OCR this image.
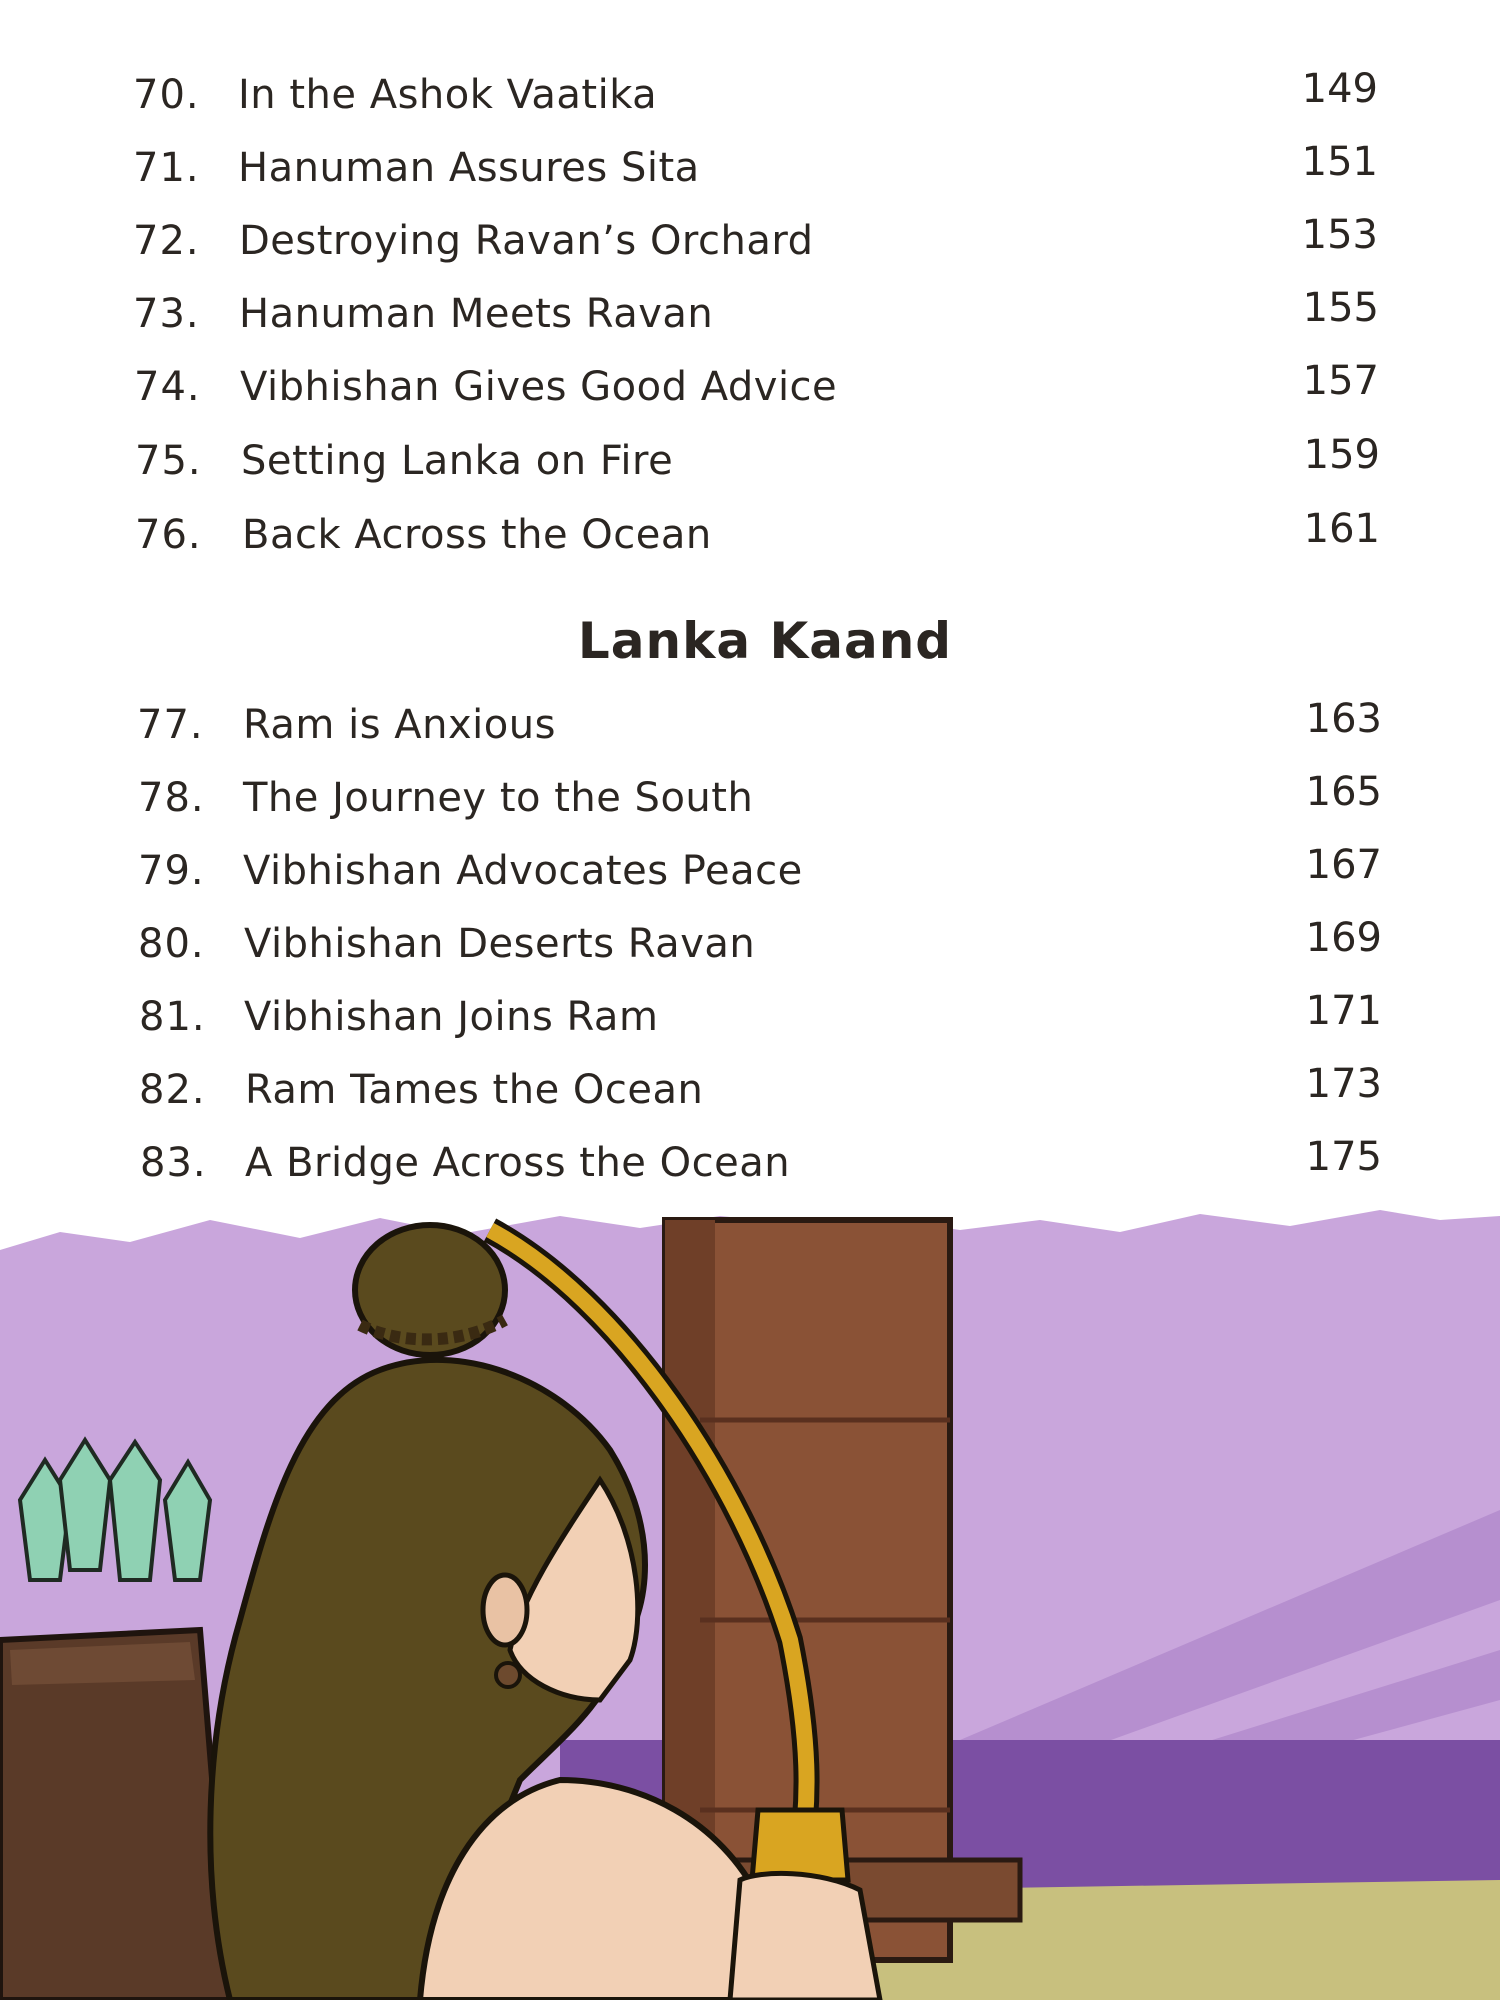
70. In the Ashok Vaatika	149
71. Hanuman Assures Sita	151
72. Destroying Ravan’s Orchard	153
73. Hanuman Meets Ravan	155
74. Vibhishan Gives Good Advice	157
75. Setting Lanka on Fire	159
76. Back Across the Ocean	161
Lanka Kaand
77. Ram is Anxious	163
78. The Journey to the South	165
79. Vibhishan Advocates Peace	167
80. Vibhishan Deserts Ravan	169
81. Vibhishan Joins Ram	171
82. Ram Tames the Ocean	173
83. A Bridge Across the Ocean	175
